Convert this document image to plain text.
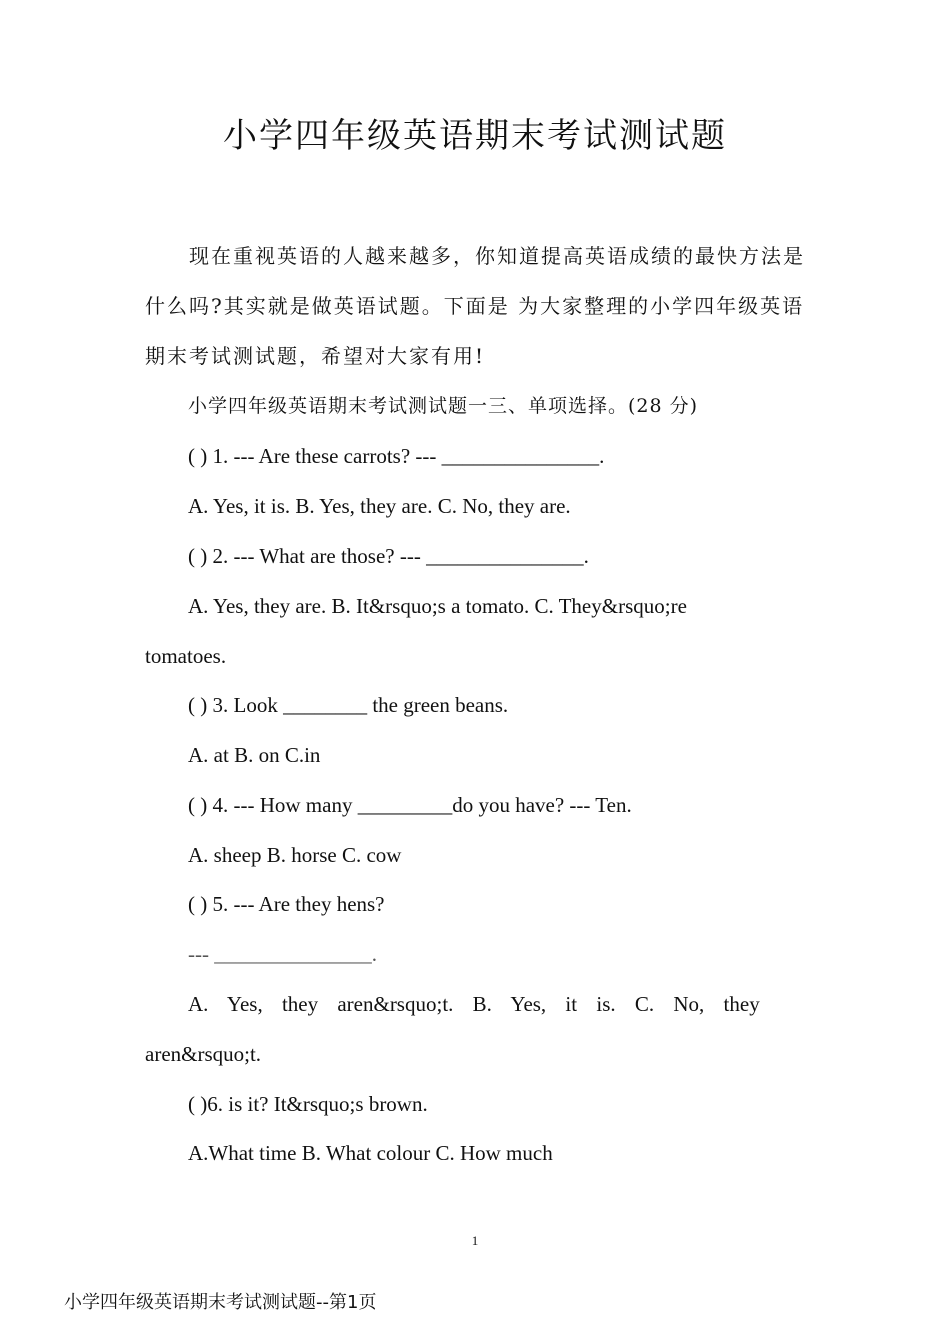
小学四年级英语期末考试测试题
现在重视英语的人越来越多，你知道提高英语成绩的最快方法是什么吗?其实就是做英语试题。下面是 为大家整理的小学四年级英语期末考试测试题，希望对大家有用!
小学四年级英语期末考试测试题一三、单项选择。(28 分)
( ) 1. --- Are these carrots? --- _______________.
A. Yes, it is. B. Yes, they are. C. No, they are.
( ) 2. --- What are those? --- _______________.
A. Yes, they are. B. It&rsquo;s a tomato. C. They&rsquo;re
tomatoes.
( ) 3. Look ________ the green beans.
A. at B. on C.in
( ) 4. --- How many _________do you have? --- Ten.
A. sheep B. horse C. cow
( ) 5. --- Are they hens?
--- _______________.
A. Yes, they aren&rsquo;t. B. Yes, it is. C. No, they
aren&rsquo;t.
( )6. is it? It&rsquo;s brown.
A.What time B. What colour C. How much
1
小学四年级英语期末考试测试题--第1页
